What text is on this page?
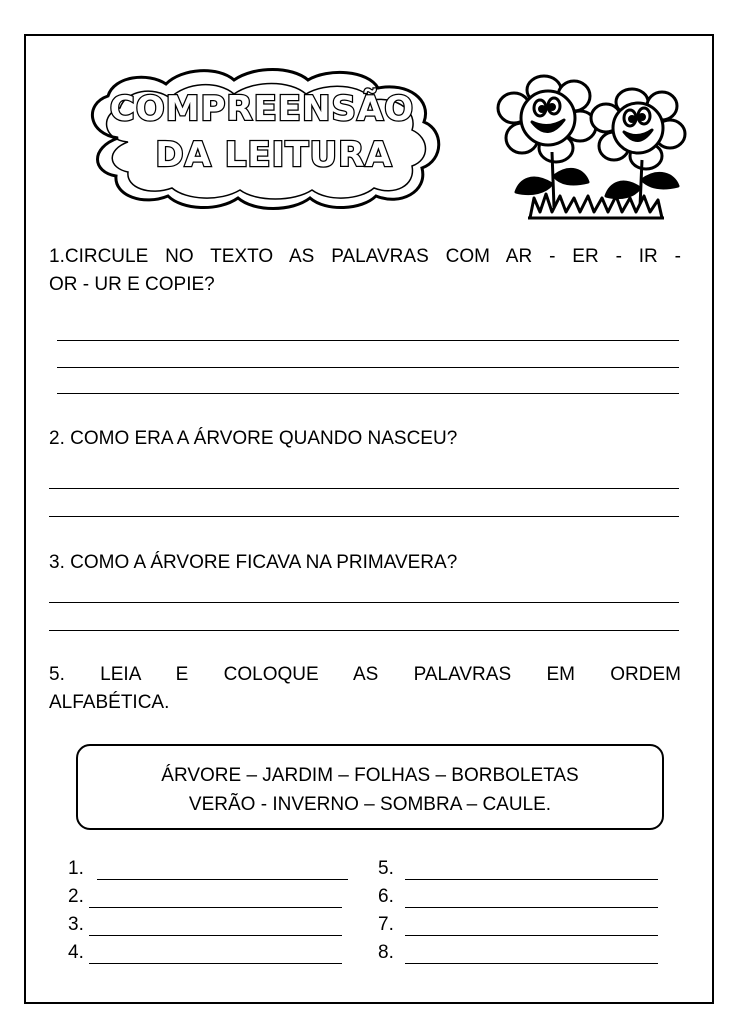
COMPREENSÃO
DA LEITURA

1.CIRCULE NO TEXTO AS PALAVRAS COM AR - ER - IR -

OR - UR E COPIE?

2. COMO ERA A ÁRVORE QUANDO NASCEU?

3. COMO A ÁRVORE FICAVA NA PRIMAVERA?

5. LEIA E COLOQUE AS PALAVRAS EM ORDEM

ALFABÉTICA.

ÁRVORE – JARDIM – FOLHAS – BORBOLETAS
VERÃO - INVERNO – SOMBRA – CAULE.
1.
2.
3.
4.
5.
6.
7.
8.
